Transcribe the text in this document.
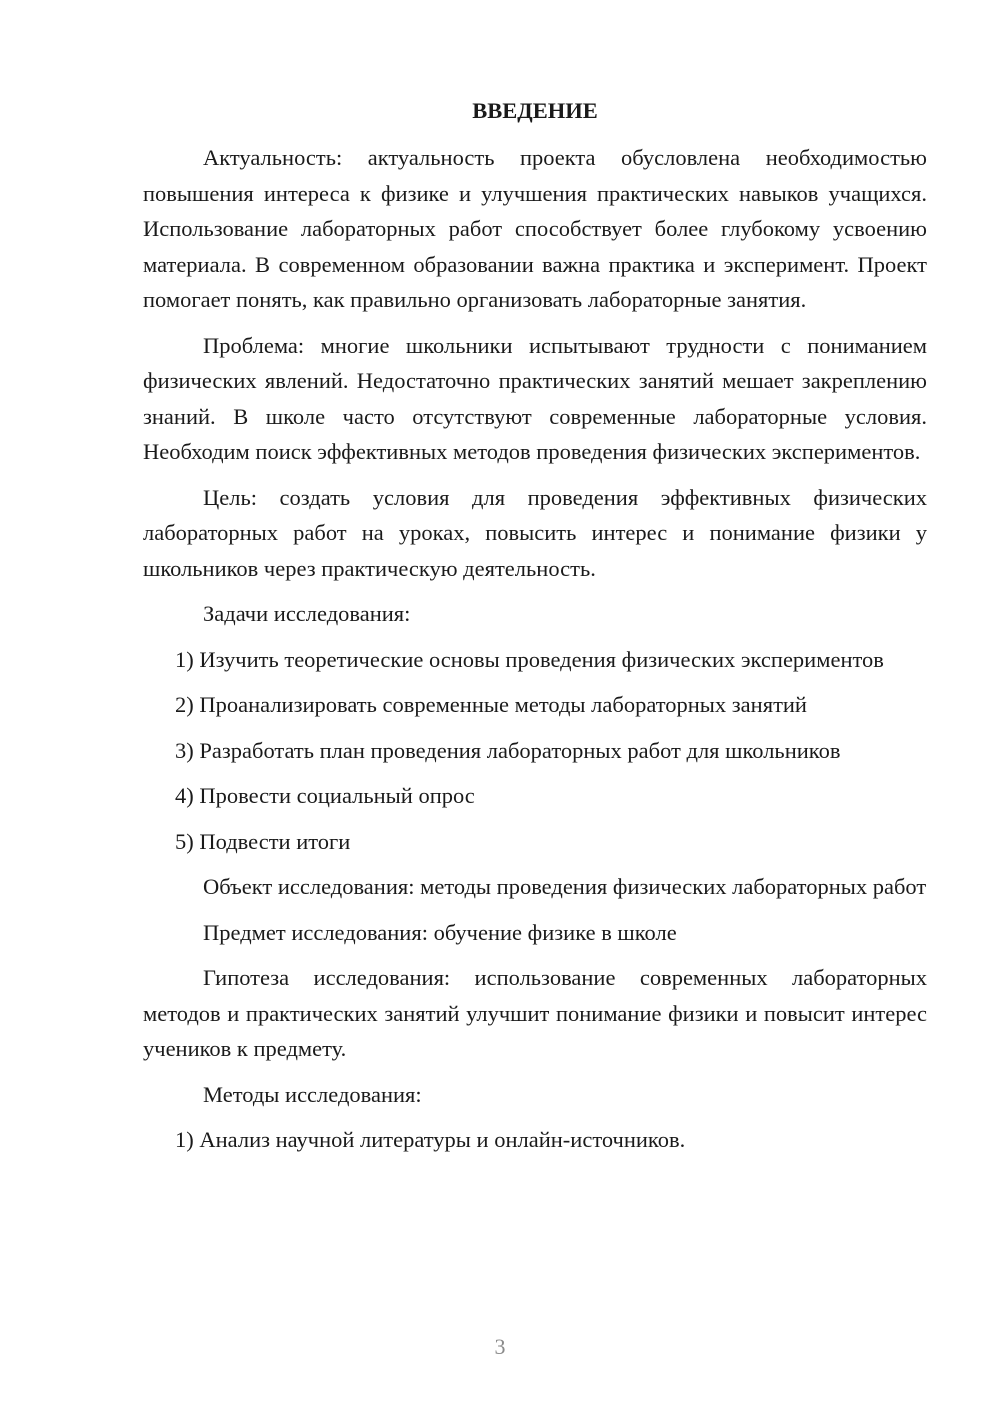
ВВЕДЕНИЕ

Актуальность: актуальность проекта обусловлена необходимостью повышения интереса к физике и улучшения практических навыков учащихся. Использование лабораторных работ способствует более глубокому усвоению материала. В современном образовании важна практика и эксперимент. Проект помогает понять, как правильно организовать лабораторные занятия.

Проблема: многие школьники испытывают трудности с пониманием физических явлений. Недостаточно практических занятий мешает закреплению знаний. В школе часто отсутствуют современные лабораторные условия. Необходим поиск эффективных методов проведения физических экспериментов.

Цель: создать условия для проведения эффективных физических лабораторных работ на уроках, повысить интерес и понимание физики у школьников через практическую деятельность.

Задачи исследования:

1) Изучить теоретические основы проведения физических экспериментов

2) Проанализировать современные методы лабораторных занятий

3) Разработать план проведения лабораторных работ для школьников

4) Провести социальный опрос

5) Подвести итоги

Объект исследования: методы проведения физических лабораторных работ

Предмет исследования: обучение физике в школе

Гипотеза исследования: использование современных лабораторных методов и практических занятий улучшит понимание физики и повысит интерес учеников к предмету.

Методы исследования:

1) Анализ научной литературы и онлайн-источников.

3
